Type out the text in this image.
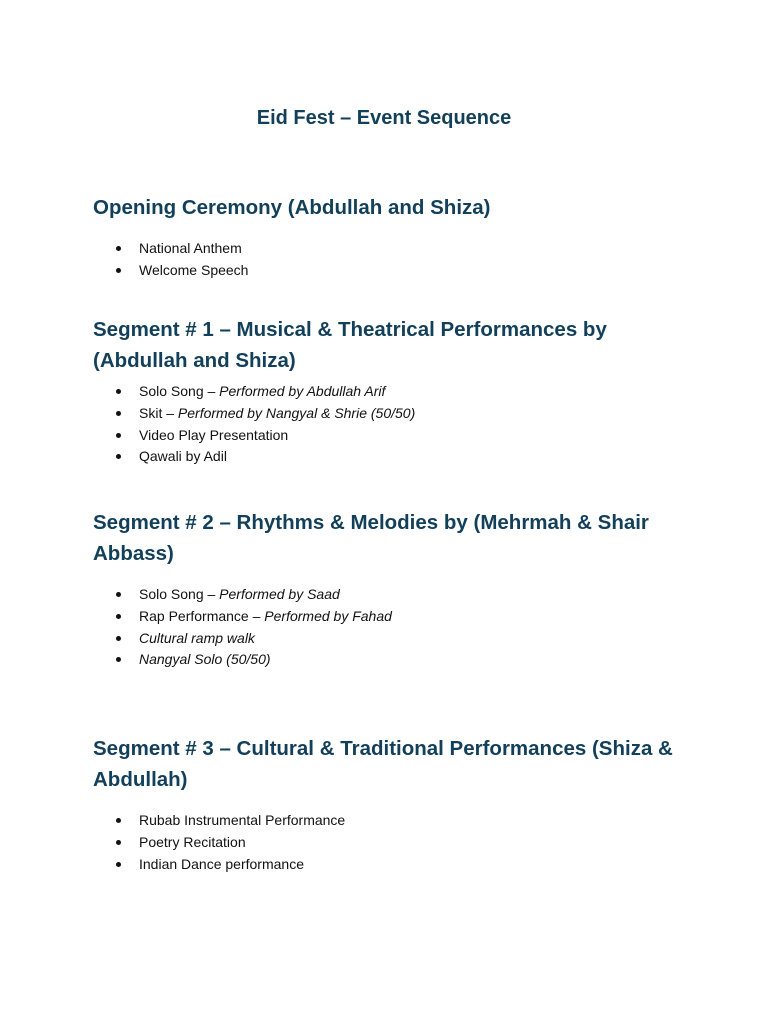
Eid Fest – Event Sequence
Opening Ceremony (Abdullah and Shiza)
National Anthem
Welcome Speech
Segment # 1 – Musical & Theatrical Performances by (Abdullah and Shiza)
Solo Song – Performed by Abdullah Arif
Skit – Performed by Nangyal & Shrie (50/50)
Video Play Presentation
Qawali by Adil
Segment # 2 – Rhythms & Melodies by (Mehrmah & Shair Abbass)
Solo Song – Performed by Saad
Rap Performance – Performed by Fahad
Cultural ramp walk
Nangyal Solo (50/50)
Segment # 3 – Cultural & Traditional Performances (Shiza & Abdullah)
Rubab Instrumental Performance
Poetry Recitation
Indian Dance performance
